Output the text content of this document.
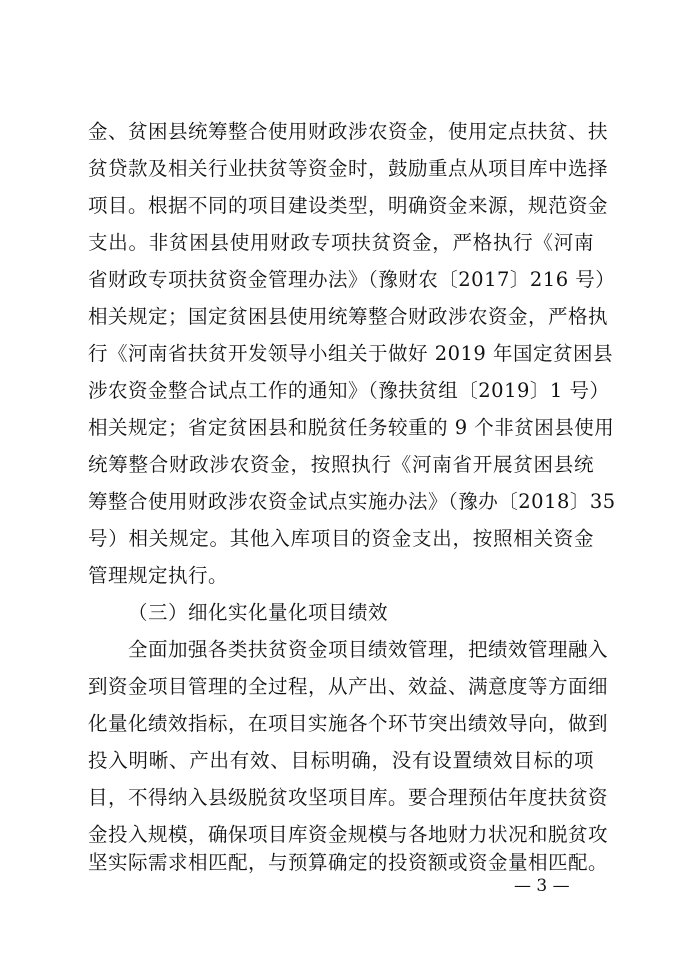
金、贫困县统筹整合使用财政涉农资金，使用定点扶贫、扶
贫贷款及相关行业扶贫等资金时，鼓励重点从项目库中选择
项目。根据不同的项目建设类型，明确资金来源，规范资金
支出。非贫困县使用财政专项扶贫资金，严格执行《河南
省财政专项扶贫资金管理办法》（豫财农〔2017〕216 号）
相关规定；国定贫困县使用统筹整合财政涉农资金，严格执
行《河南省扶贫开发领导小组关于做好 2019 年国定贫困县
涉农资金整合试点工作的通知》（豫扶贫组〔2019〕1 号）
相关规定；省定贫困县和脱贫任务较重的 9 个非贫困县使用
统筹整合财政涉农资金，按照执行《河南省开展贫困县统
筹整合使用财政涉农资金试点实施办法》（豫办〔2018〕35
号）相关规定。其他入库项目的资金支出，按照相关资金
管理规定执行。
（三）细化实化量化项目绩效
全面加强各类扶贫资金项目绩效管理，把绩效管理融入
到资金项目管理的全过程，从产出、效益、满意度等方面细
化量化绩效指标，在项目实施各个环节突出绩效导向，做到
投入明晰、产出有效、目标明确，没有设置绩效目标的项
目，不得纳入县级脱贫攻坚项目库。要合理预估年度扶贫资
金投入规模，确保项目库资金规模与各地财力状况和脱贫攻
坚实际需求相匹配，与预算确定的投资额或资金量相匹配。
— 3 —
